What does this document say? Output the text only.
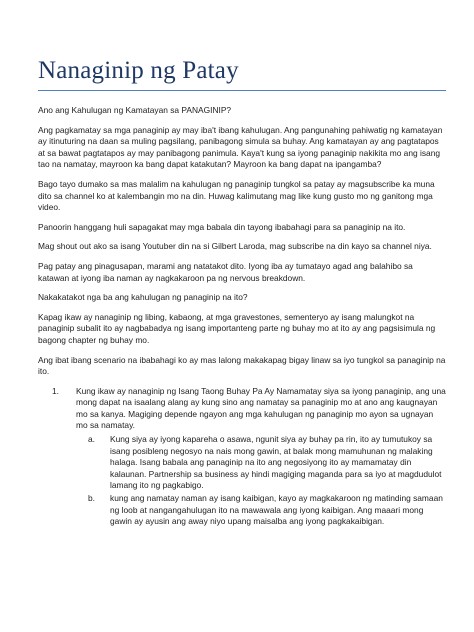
Nanaginip ng Patay

Ano ang Kahulugan ng Kamatayan sa PANAGINIP?

Ang pagkamatay sa mga panaginip ay may iba't ibang kahulugan. Ang pangunahing pahiwatig ng kamatayan ay itinuturing na daan sa muling pagsilang, panibagong simula sa buhay. Ang kamatayan ay ang pagtatapos at sa bawat pagtatapos ay may panibagong panimula. Kaya't kung sa iyong panaginip nakikita mo ang isang tao na namatay, mayroon ka bang dapat katakutan? Mayroon ka bang dapat na ipangamba?

Bago tayo dumako sa mas malalim na kahulugan ng panaginip tungkol sa patay ay magsubscribe ka muna dito sa channel ko at kalembangin mo na din. Huwag kalimutang mag like kung gusto mo ng ganitong mga video.

Panoorin hanggang huli sapagakat may mga babala din tayong ibabahagi para sa panaginip na ito.

Mag shout out ako sa isang Youtuber din na si Gilbert Laroda, mag subscribe na din kayo sa channel niya.

Pag patay ang pinagusapan, marami ang natatakot dito. Iyong iba ay tumatayo agad ang balahibo sa katawan at iyong iba naman ay nagkakaroon pa ng nervous breakdown.

Nakakatakot nga ba ang kahulugan ng panaginip na ito?

Kapag ikaw ay nanaginip ng libing, kabaong, at mga gravestones, sementeryo ay isang malungkot na panaginip subalit ito ay nagbabadya ng isang importanteng parte ng buhay mo at ito ay ang pagsisimula ng bagong chapter ng buhay mo.

Ang ibat ibang scenario na ibabahagi ko ay mas lalong makakapag bigay linaw sa iyo tungkol sa panaginip na ito.

1. Kung ikaw ay nanaginip ng Isang Taong Buhay Pa Ay Namamatay siya sa iyong panaginip, ang una mong dapat na isaalang alang ay kung sino ang namatay sa panaginip mo at ano ang kaugnayan mo sa kanya. Magiging depende ngayon ang mga kahulugan ng panaginip mo ayon sa ugnayan mo sa namatay.
a. Kung siya ay iyong kapareha o asawa, ngunit siya ay buhay pa rin, ito ay tumutukoy sa isang posibleng negosyo na nais mong gawin, at balak mong mamuhunan ng malaking halaga. Isang babala ang panaginip na ito ang negosiyong ito ay mamamatay din kalaunan. Partnership sa business ay hindi magiging maganda para sa iyo at magdudulot lamang ito ng pagkabigo.
b. kung ang namatay naman ay isang kaibigan, kayo ay magkakaroon ng matinding samaan ng loob at nangangahulugan ito na mawawala ang iyong kaibigan. Ang maaari mong gawin ay ayusin ang away niyo upang maisalba ang iyong pagkakaibigan.
